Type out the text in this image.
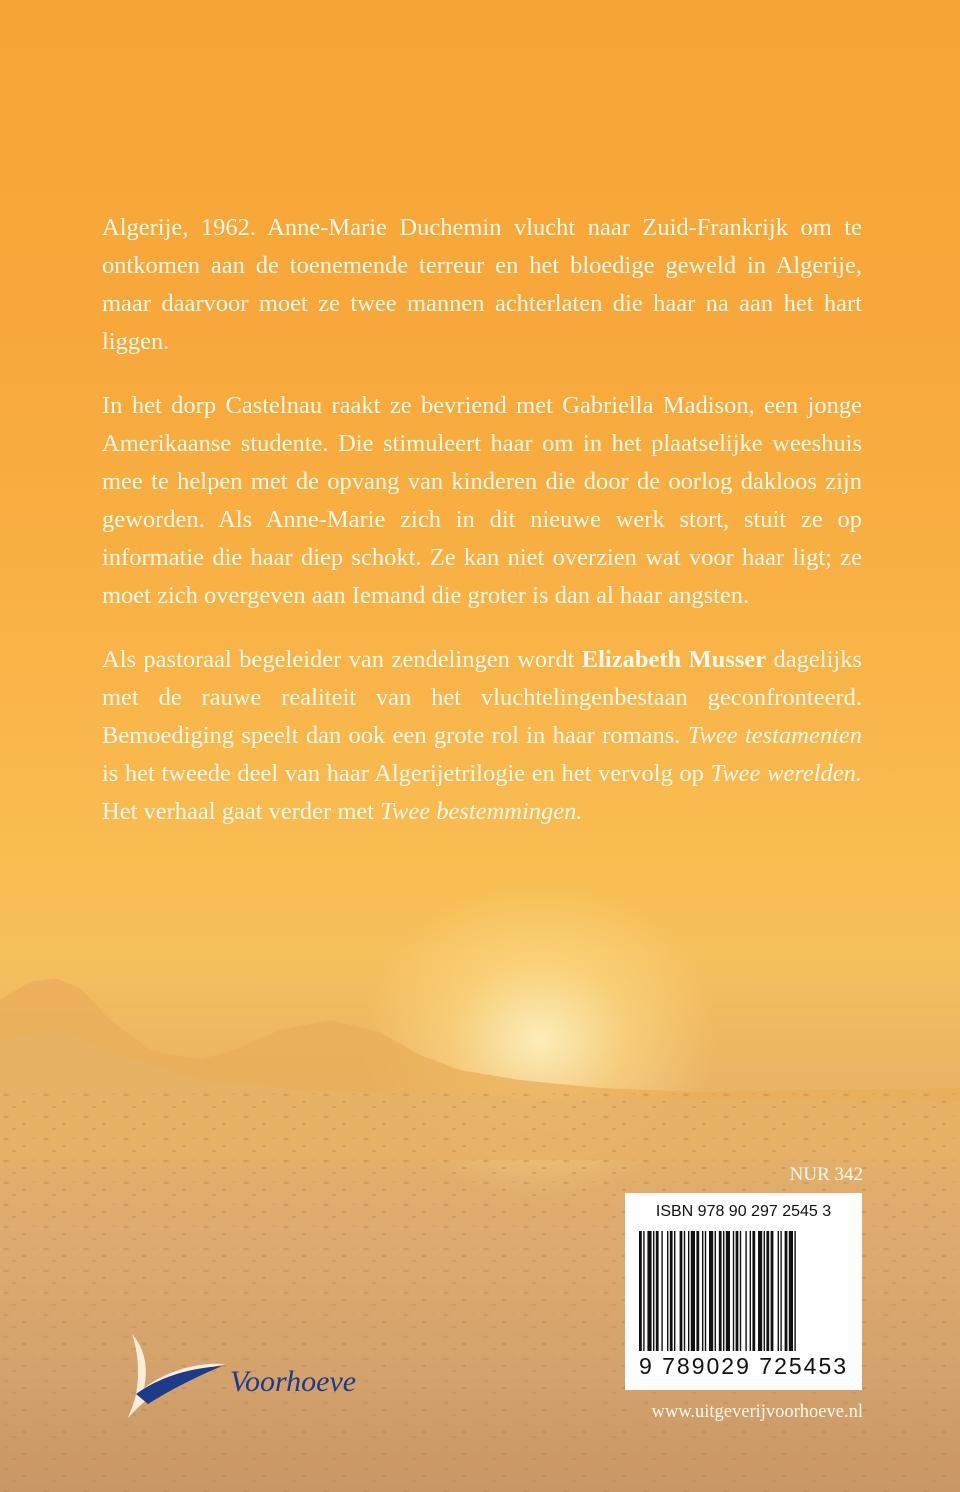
Algerije, 1962. Anne-Marie Duchemin vlucht naar Zuid-Frankrijk om te ontkomen aan de toenemende terreur en het bloedige geweld in Algerije, maar daarvoor moet ze twee mannen achterlaten die haar na aan het hart liggen.

In het dorp Castelnau raakt ze bevriend met Gabriella Madison, een jonge Amerikaanse studente. Die stimuleert haar om in het plaatselijke weeshuis mee te helpen met de opvang van kinderen die door de oorlog dakloos zijn geworden. Als Anne-Marie zich in dit nieuwe werk stort, stuit ze op informatie die haar diep schokt. Ze kan niet overzien wat voor haar ligt; ze moet zich overgeven aan Iemand die groter is dan al haar angsten.

Als pastoraal begeleider van zendelingen wordt Elizabeth Musser dagelijks met de rauwe realiteit van het vluchtelingenbestaan geconfronteerd. Bemoediging speelt dan ook een grote rol in haar romans. Twee testamenten is het tweede deel van haar Algerijetrilogie en het vervolg op Twee werelden. Het verhaal gaat verder met Twee bestemmingen.

NUR 342
ISBN 978 90 297 2545 3
9 789029 725453
Voorhoeve
www.uitgeverijvoorhoeve.nl
